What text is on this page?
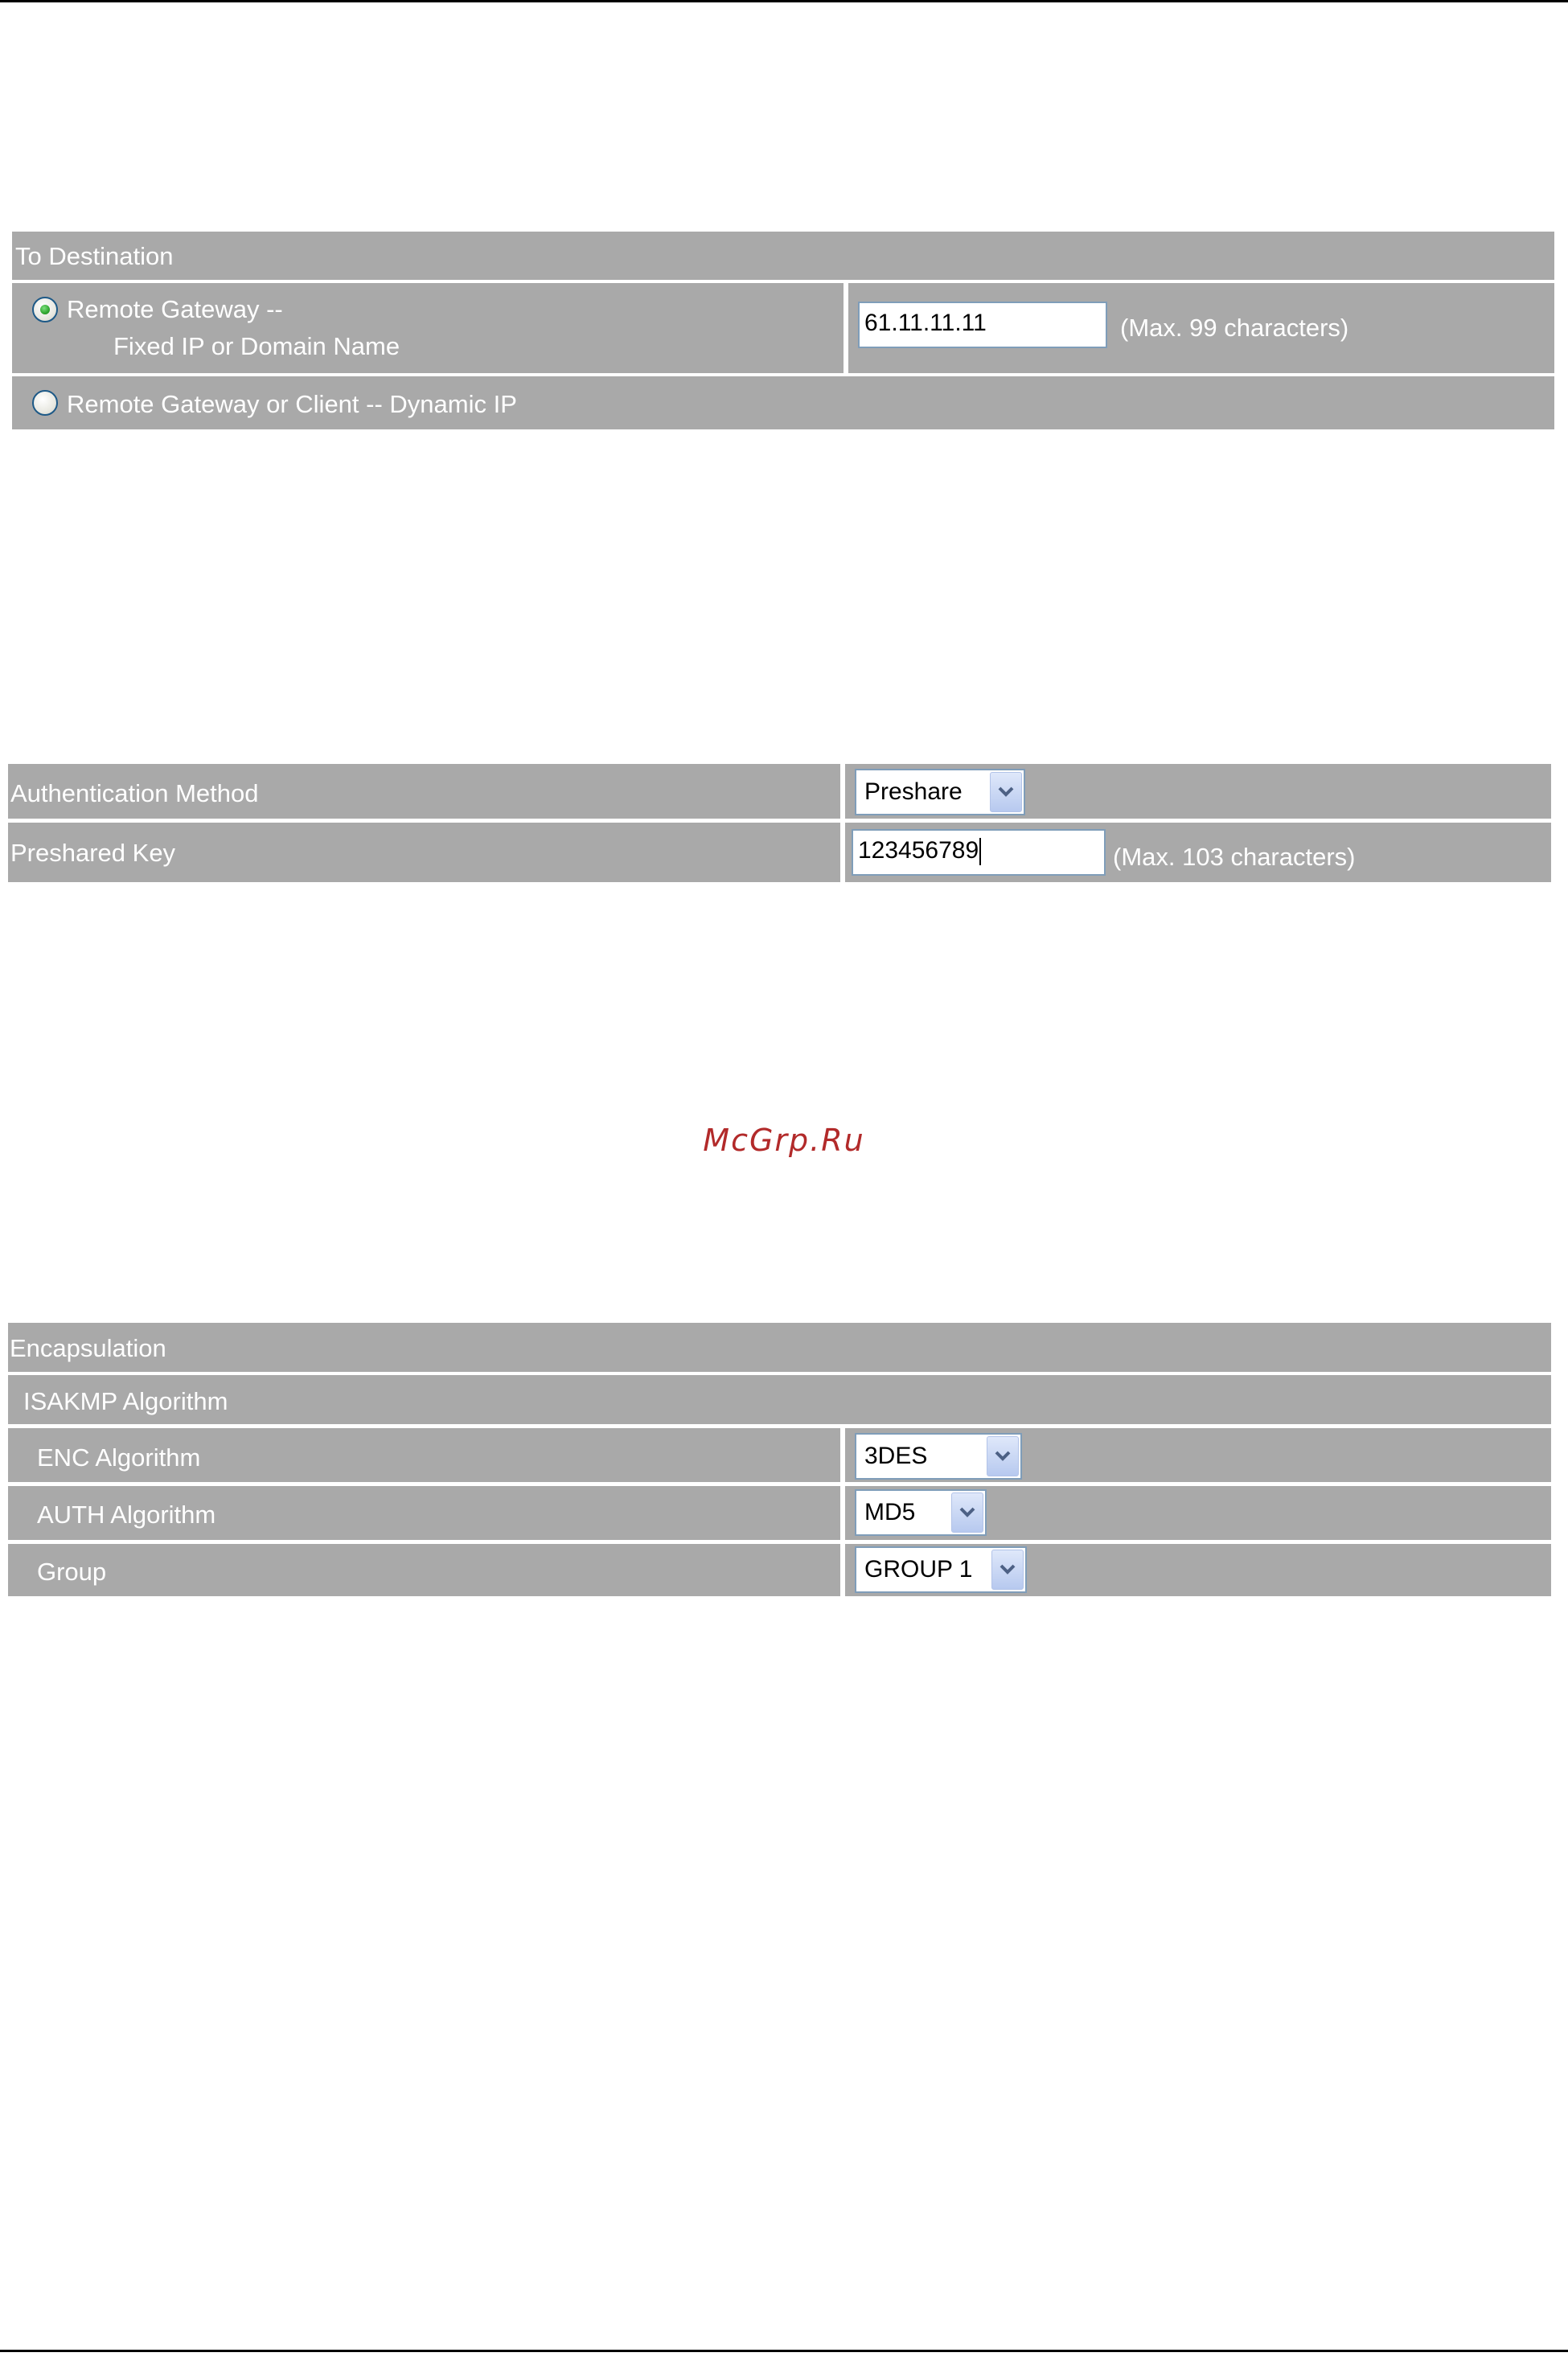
To Destination
Remote Gateway --
Fixed IP or Domain Name
61.11.11.11	(Max. 99 characters)
Remote Gateway or Client -- Dynamic IP
Authentication Method	Preshare
Preshared Key	123456789	(Max. 103 characters)
McGrp.Ru
Encapsulation
ISAKMP Algorithm
ENC Algorithm	3DES
AUTH Algorithm	MD5
Group	GROUP 1
